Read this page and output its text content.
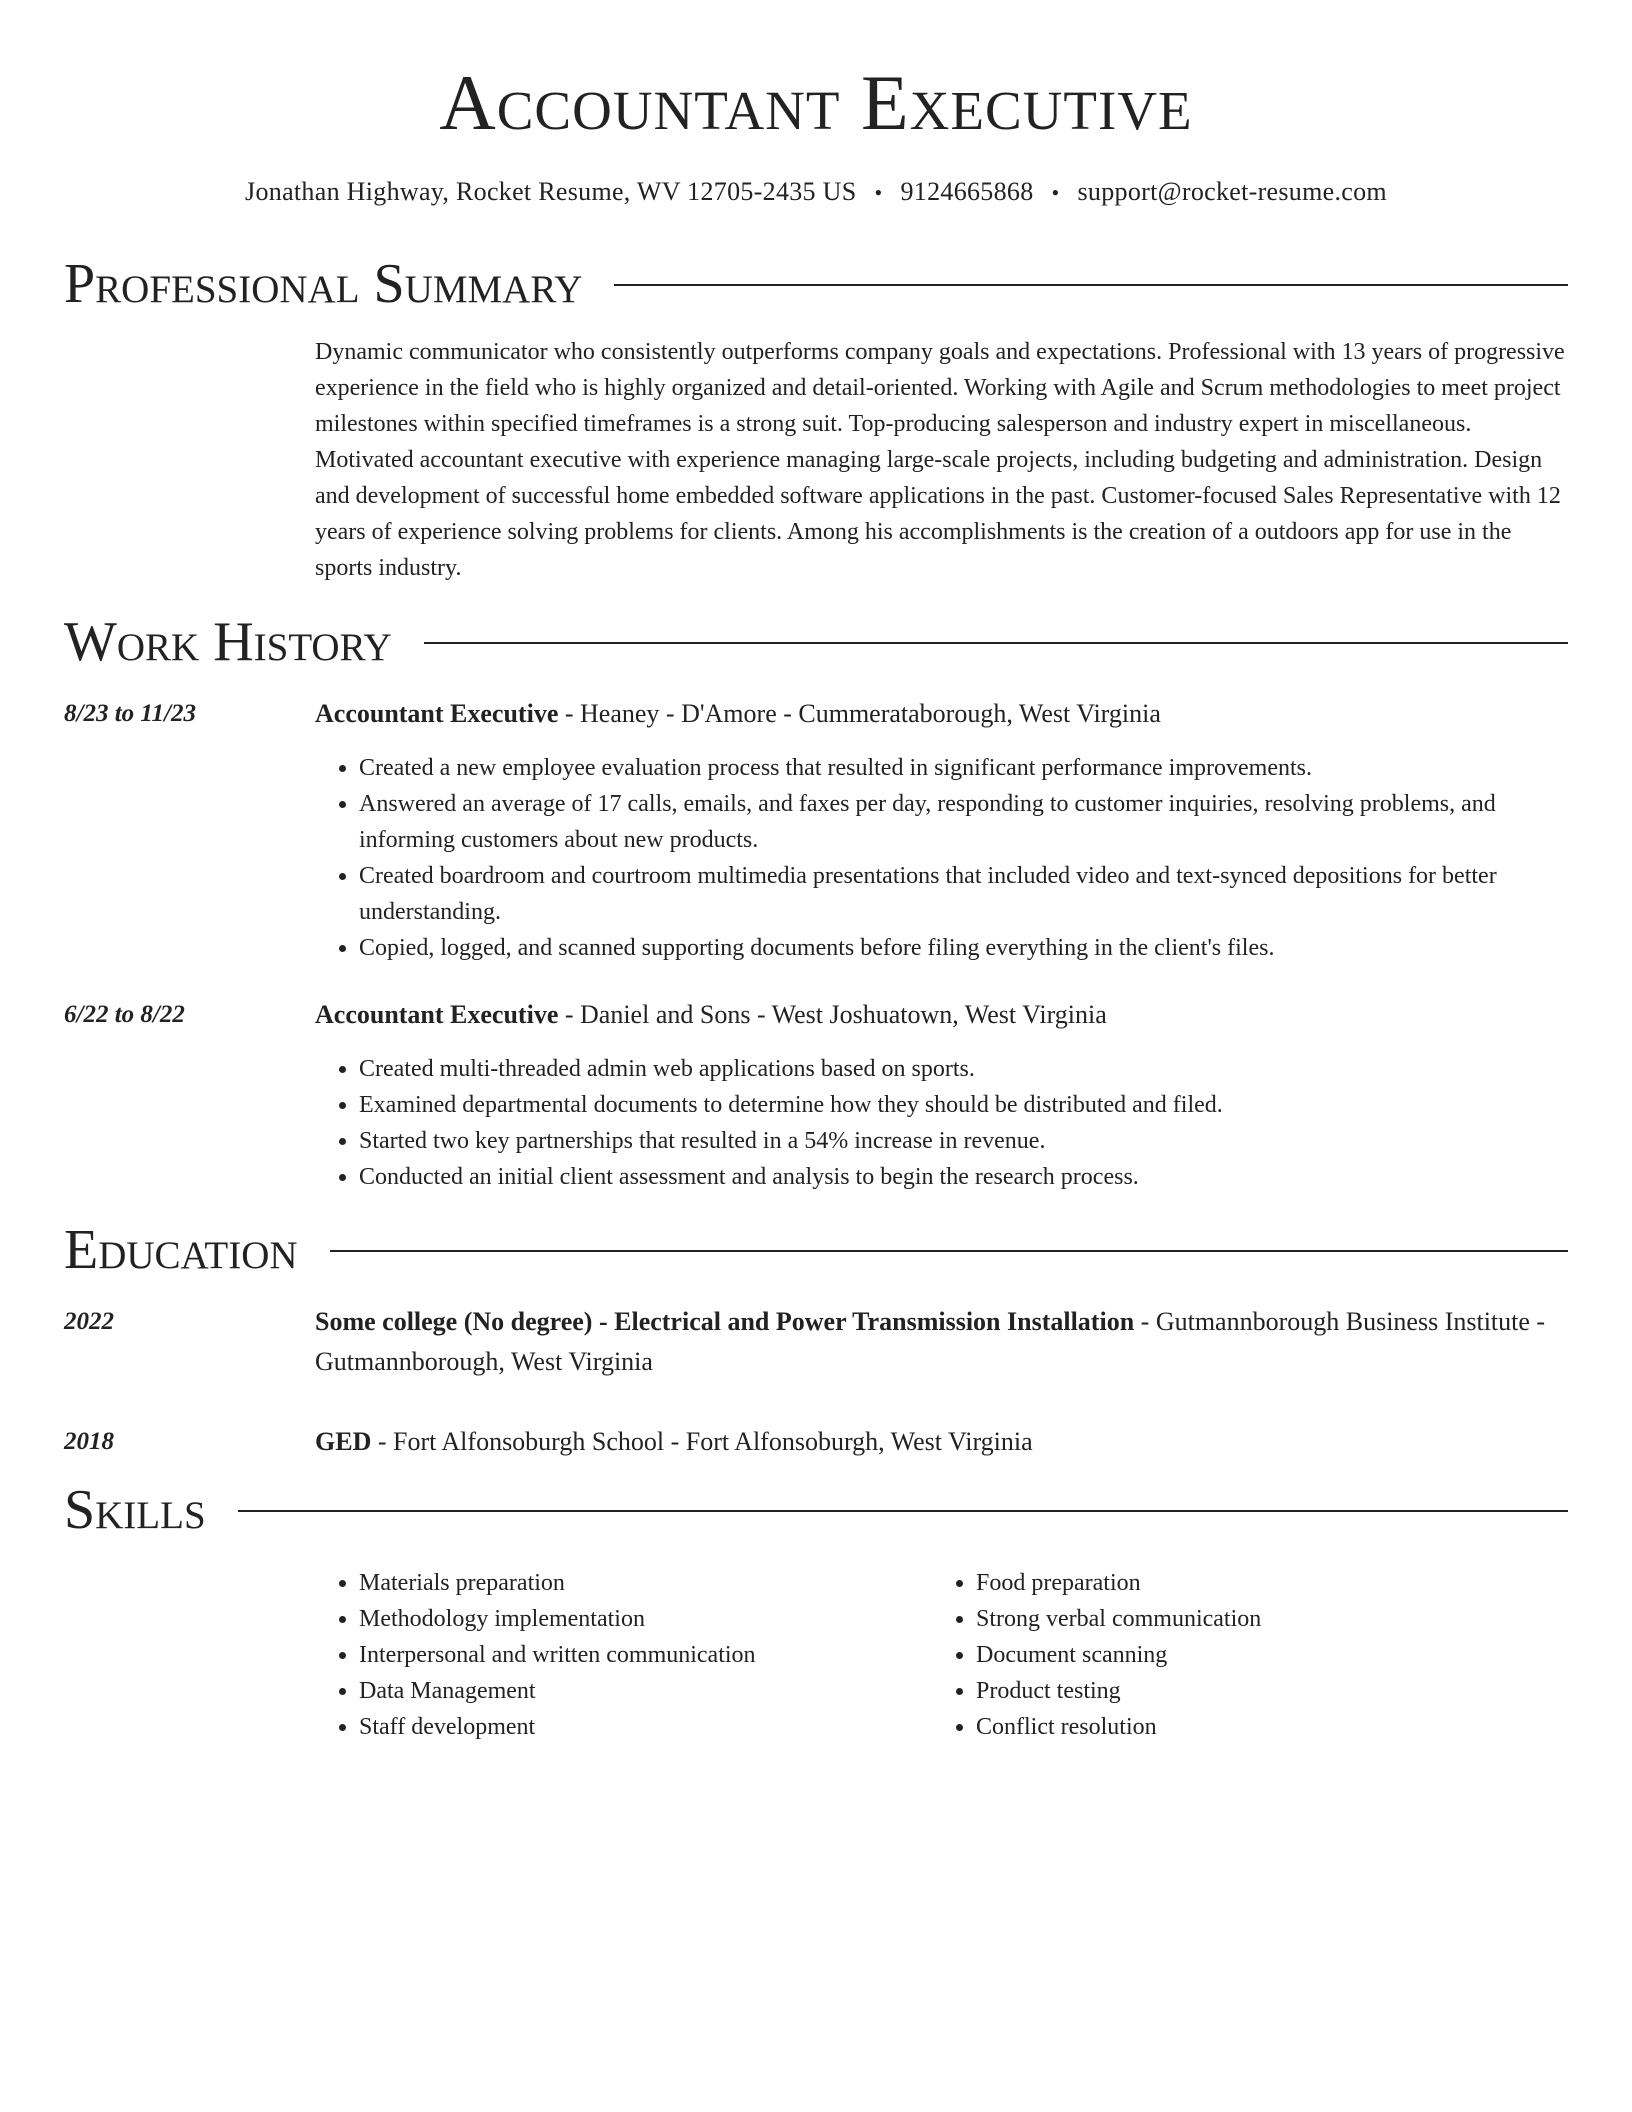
Accountant Executive
Jonathan Highway, Rocket Resume, WV 12705-2435 US • 9124665868 • support@rocket-resume.com
Professional Summary

Dynamic communicator who consistently outperforms company goals and expectations. Professional with 13 years of progressive experience in the field who is highly organized and detail-oriented. Working with Agile and Scrum methodologies to meet project milestones within specified timeframes is a strong suit. Top-producing salesperson and industry expert in miscellaneous. Motivated accountant executive with experience managing large-scale projects, including budgeting and administration. Design and development of successful home embedded software applications in the past. Customer-focused Sales Representative with 12 years of experience solving problems for clients. Among his accomplishments is the creation of a outdoors app for use in the sports industry.

Work History
8/23 to 11/23	Accountant Executive - Heaney - D'Amore - Cummerataborough, West Virginia
• Created a new employee evaluation process that resulted in significant performance improvements.
• Answered an average of 17 calls, emails, and faxes per day, responding to customer inquiries, resolving problems, and informing customers about new products.
• Created boardroom and courtroom multimedia presentations that included video and text-synced depositions for better understanding.
• Copied, logged, and scanned supporting documents before filing everything in the client's files.
6/22 to 8/22	Accountant Executive - Daniel and Sons - West Joshuatown, West Virginia
• Created multi-threaded admin web applications based on sports.
• Examined departmental documents to determine how they should be distributed and filed.
• Started two key partnerships that resulted in a 54% increase in revenue.
• Conducted an initial client assessment and analysis to begin the research process.
Education
2022	Some college (No degree) - Electrical and Power Transmission Installation - Gutmannborough Business Institute - Gutmannborough, West Virginia
2018	GED - Fort Alfonsoburgh School - Fort Alfonsoburgh, West Virginia
Skills
• Materials preparation
• Methodology implementation
• Interpersonal and written communication
• Data Management
• Staff development
• Food preparation
• Strong verbal communication
• Document scanning
• Product testing
• Conflict resolution
